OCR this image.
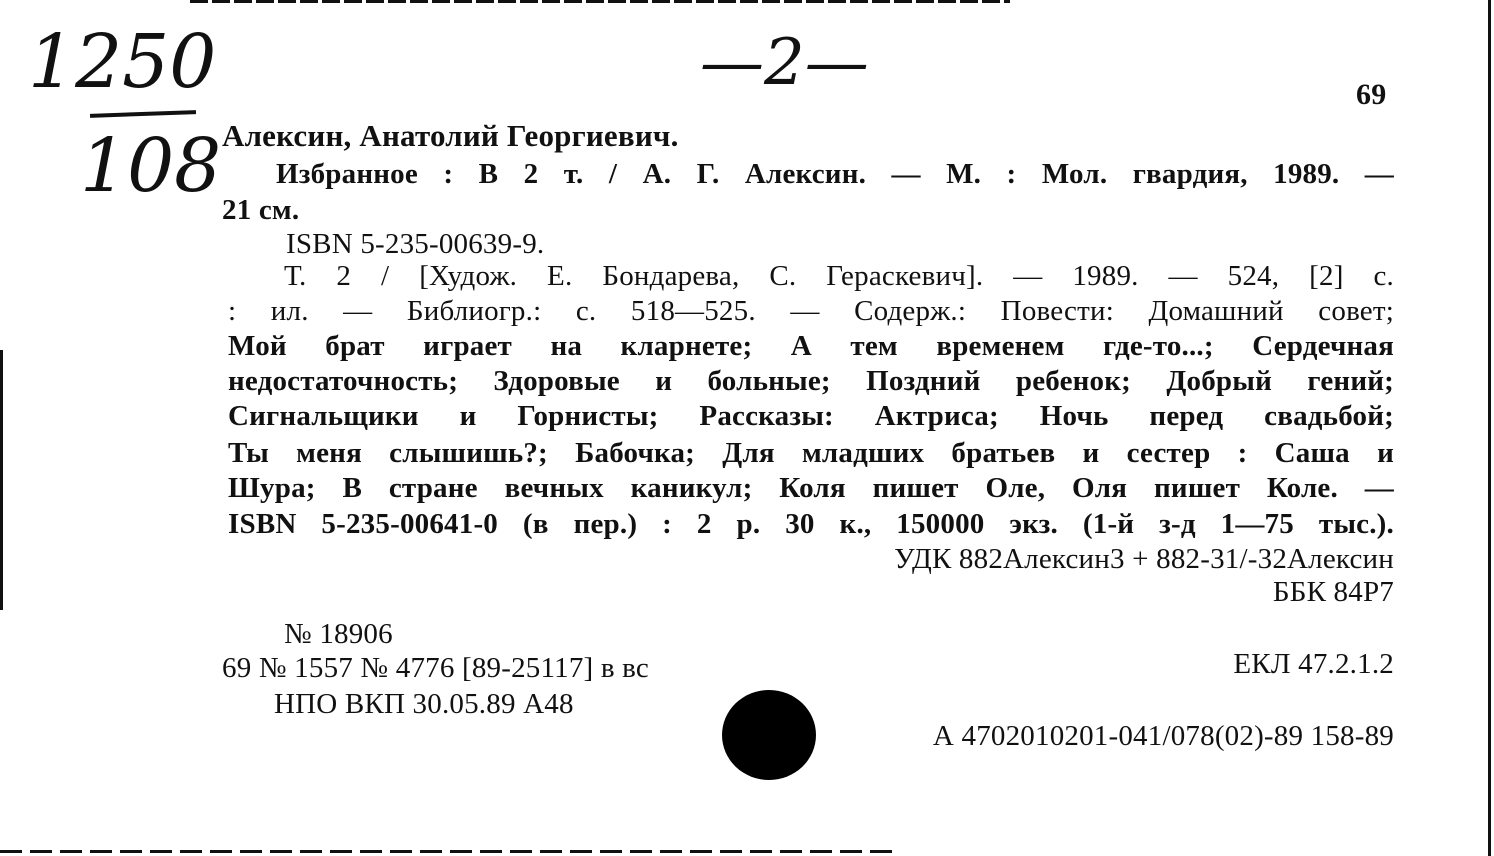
1250
108
—2—	69
Алексин, Анатолий Георгиевич.
Избранное : В 2 т. / А. Г. Алексин. — М. : Мол. гвардия, 1989. —
21 см.
ISBN 5-235-00639-9.
Т. 2 / [Худож. Е. Бондарева, С. Гераскевич]. — 1989. — 524, [2] с.
: ил. — Библиогр.: с. 518—525. — Содерж.: Повести: Домашний совет;
Мой брат играет на кларнете; А тем временем где-то...; Сердечная
недостаточность; Здоровые и больные; Поздний ребенок; Добрый гений;
Сигнальщики и Горнисты; Рассказы: Актриса; Ночь перед свадьбой;
Ты меня слышишь?; Бабочка; Для младших братьев и сестер : Саша и
Шура; В стране вечных каникул; Коля пишет Оле, Оля пишет Коле. —
ISBN 5-235-00641-0 (в пер.) : 2 р. 30 к., 150000 экз. (1-й з-д 1—75 тыс.).
УДК 882Алексин3 + 882-31/-32Алексин
ББК 84Р7
№ 18906
69 № 1557 № 4776 [89-25117] в вс	ЕКЛ 47.2.1.2
НПО ВКП 30.05.89 А48
А 4702010201-041/078(02)-89 158-89
